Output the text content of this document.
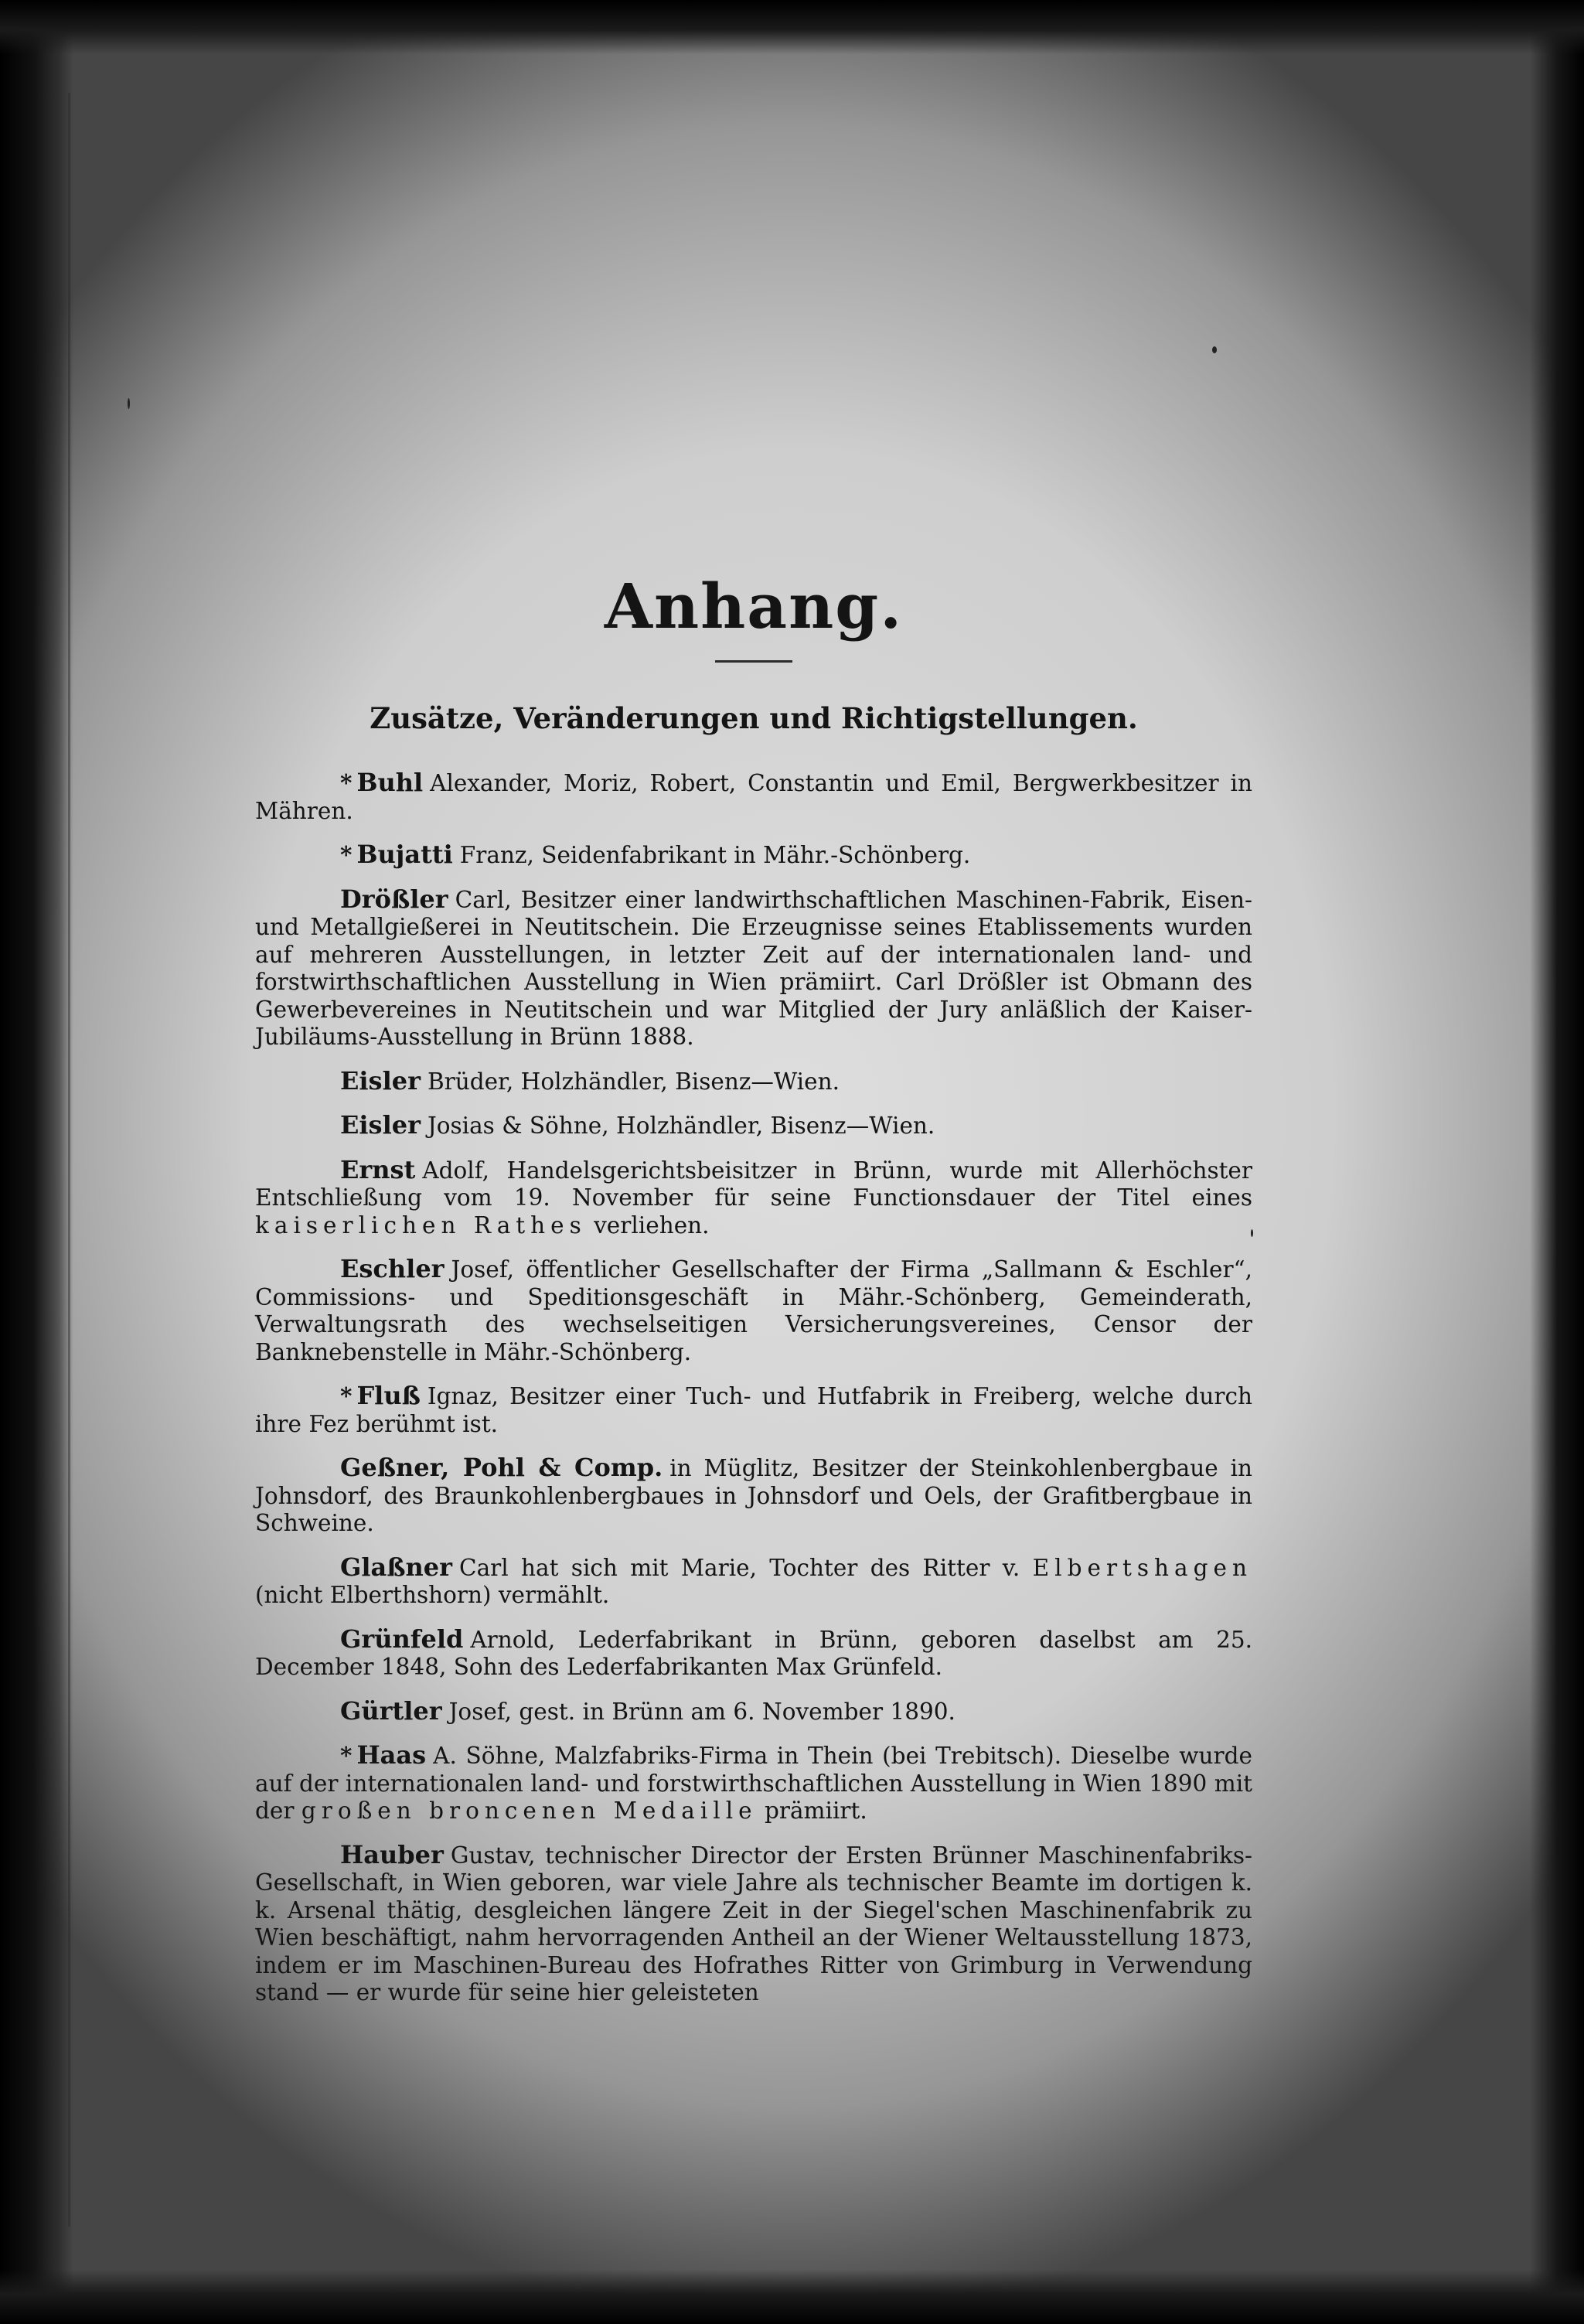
Anhang.
Zusätze, Veränderungen und Richtigstellungen.

* Buhl Alexander, Moriz, Robert, Constantin und Emil, Bergwerkbesitzer in Mähren.

* Bujatti Franz, Seidenfabrikant in Mähr.-Schönberg.

Drößler Carl, Besitzer einer landwirthschaftlichen Maschinen-Fabrik, Eisen- und Metallgießerei in Neutitschein. Die Erzeugnisse seines Etablissements wurden auf mehreren Ausstellungen, in letzter Zeit auf der internationalen land- und forstwirthschaftlichen Ausstellung in Wien prämiirt. Carl Drößler ist Obmann des Gewerbevereines in Neutitschein und war Mitglied der Jury anläßlich der Kaiser-Jubiläums-Ausstellung in Brünn 1888.

Eisler Brüder, Holzhändler, Bisenz—Wien.

Eisler Josias & Söhne, Holzhändler, Bisenz—Wien.

Ernst Adolf, Handelsgerichtsbeisitzer in Brünn, wurde mit Allerhöchster Entschließung vom 19. November für seine Functionsdauer der Titel eines kaiserlichen Rathes verliehen.

Eschler Josef, öffentlicher Gesellschafter der Firma „Sallmann & Eschler“, Commissions- und Speditionsgeschäft in Mähr.-Schönberg, Gemeinderath, Verwaltungsrath des wechselseitigen Versicherungsvereines, Censor der Banknebenstelle in Mähr.-Schönberg.

* Fluß Ignaz, Besitzer einer Tuch- und Hutfabrik in Freiberg, welche durch ihre Fez berühmt ist.

Geßner, Pohl & Comp. in Müglitz, Besitzer der Steinkohlenbergbaue in Johnsdorf, des Braunkohlenbergbaues in Johnsdorf und Oels, der Grafitbergbaue in Schweine.

Glaßner Carl hat sich mit Marie, Tochter des Ritter v. Elbertshagen (nicht Elberthshorn) vermählt.

Grünfeld Arnold, Lederfabrikant in Brünn, geboren daselbst am 25. December 1848, Sohn des Lederfabrikanten Max Grünfeld.

Gürtler Josef, gest. in Brünn am 6. November 1890.

* Haas A. Söhne, Malzfabriks-Firma in Thein (bei Trebitsch). Dieselbe wurde auf der internationalen land- und forstwirthschaftlichen Ausstellung in Wien 1890 mit der großen broncenen Medaille prämiirt.

Hauber Gustav, technischer Director der Ersten Brünner Maschinenfabriks-Gesellschaft, in Wien geboren, war viele Jahre als technischer Beamte im dortigen k. k. Arsenal thätig, desgleichen längere Zeit in der Siegel'schen Maschinenfabrik zu Wien beschäftigt, nahm hervorragenden Antheil an der Wiener Weltausstellung 1873, indem er im Maschinen-Bureau des Hofrathes Ritter von Grimburg in Verwendung stand — er wurde für seine hier geleisteten
